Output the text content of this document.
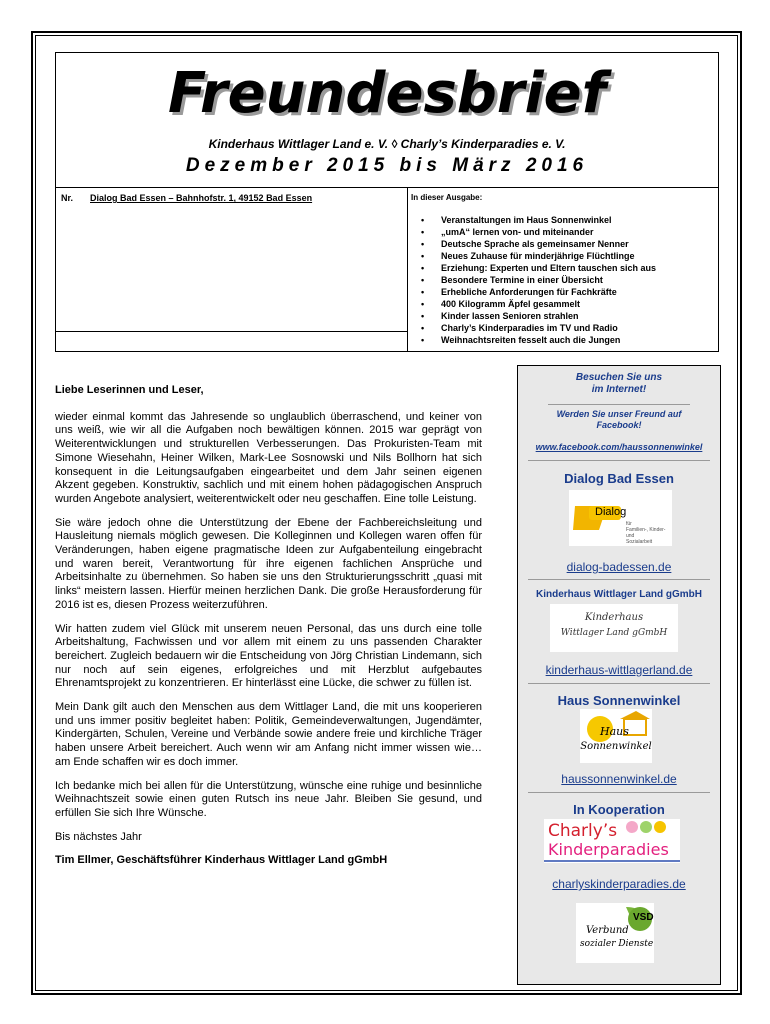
Freundesbrief
Kinderhaus Wittlager Land e. V. ◊ Charly’s Kinderparadies e. V.
Dezember 2015 bis März 2016
Nr. Dialog Bad Essen – Bahnhofstr. 1, 49152 Bad Essen	In dieser Ausgabe:
• Veranstaltungen im Haus Sonnenwinkel
• „umA“ lernen von- und miteinander
• Deutsche Sprache als gemeinsamer Nenner
• Neues Zuhause für minderjährige Flüchtlinge
• Erziehung: Experten und Eltern tauschen sich aus
• Besondere Termine in einer Übersicht
• Erhebliche Anforderungen für Fachkräfte
• 400 Kilogramm Äpfel gesammelt
• Kinder lassen Senioren strahlen
• Charly’s Kinderparadies im TV und Radio
• Weihnachtsreiten fesselt auch die Jungen

Liebe Leserinnen und Leser,

wieder einmal kommt das Jahresende so unglaublich überraschend, und keiner von uns weiß, wie wir all die Aufgaben noch bewältigen können. 2015 war geprägt von Weiterentwicklungen und strukturellen Verbesserungen. Das Prokuristen-Team mit Simone Wiesehahn, Heiner Wilken, Mark-Lee Sosnowski und Nils Bollhorn hat sich konsequent in die Leitungsaufgaben eingearbeitet und dem Jahr seinen eigenen Akzent gegeben. Konstruktiv, sachlich und mit einem hohen pädagogischen Anspruch wurden Angebote analysiert, weiterentwickelt oder neu geschaffen. Eine tolle Leistung.

Sie wäre jedoch ohne die Unterstützung der Ebene der Fachbereichsleitung und Hausleitung niemals möglich gewesen. Die Kolleginnen und Kollegen waren offen für Veränderungen, haben eigene pragmatische Ideen zur Aufgabenteilung eingebracht und waren bereit, Verantwortung für ihre eigenen fachlichen Ansprüche und Arbeitsinhalte zu übernehmen. So haben sie uns den Strukturierungsschritt „quasi mit links“ meistern lassen. Hierfür meinen herzlichen Dank. Die große Herausforderung für 2016 ist es, diesen Prozess weiterzuführen.

Wir hatten zudem viel Glück mit unserem neuen Personal, das uns durch eine tolle Arbeitshaltung, Fachwissen und vor allem mit einem zu uns passenden Charakter bereichert. Zugleich bedauern wir die Entscheidung von Jörg Christian Lindemann, sich nur noch auf sein eigenes, erfolgreiches und mit Herzblut aufgebautes Ehrenamtsprojekt zu konzentrieren. Er hinterlässt eine Lücke, die schwer zu füllen ist.

Mein Dank gilt auch den Menschen aus dem Wittlager Land, die mit uns kooperieren und uns immer positiv begleitet haben: Politik, Gemeindeverwaltungen, Jugendämter, Kindergärten, Schulen, Vereine und Verbände sowie andere freie und kirchliche Träger haben unsere Arbeit bereichert. Auch wenn wir am Anfang nicht immer wissen wie… am Ende schaffen wir es doch immer.

Ich bedanke mich bei allen für die Unterstützung, wünsche eine ruhige und besinnliche Weihnachtszeit sowie einen guten Rutsch ins neue Jahr. Bleiben Sie gesund, und erfüllen Sie sich Ihre Wünsche.

Bis nächstes Jahr

Tim Ellmer, Geschäftsführer Kinderhaus Wittlager Land gGmbH

Besuchen Sie uns
im Internet!
Werden Sie unser Freund auf
Facebook!
www.facebook.com/haussonnenwinkel
Dialog Bad Essen
Dialog
für
Familien-, Kinder- und
Sozialarbeit
dialog-badessen.de
Kinderhaus Wittlager Land gGmbH
Kinderhaus
Wittlager Land gGmbH
kinderhaus-wittlagerland.de
Haus Sonnenwinkel
Haus
Sonnenwinkel
haussonnenwinkel.de
In Kooperation
Charly’s
Kinderparadies
charlyskinderparadies.de
VSD
Verbund
sozialer Dienste
